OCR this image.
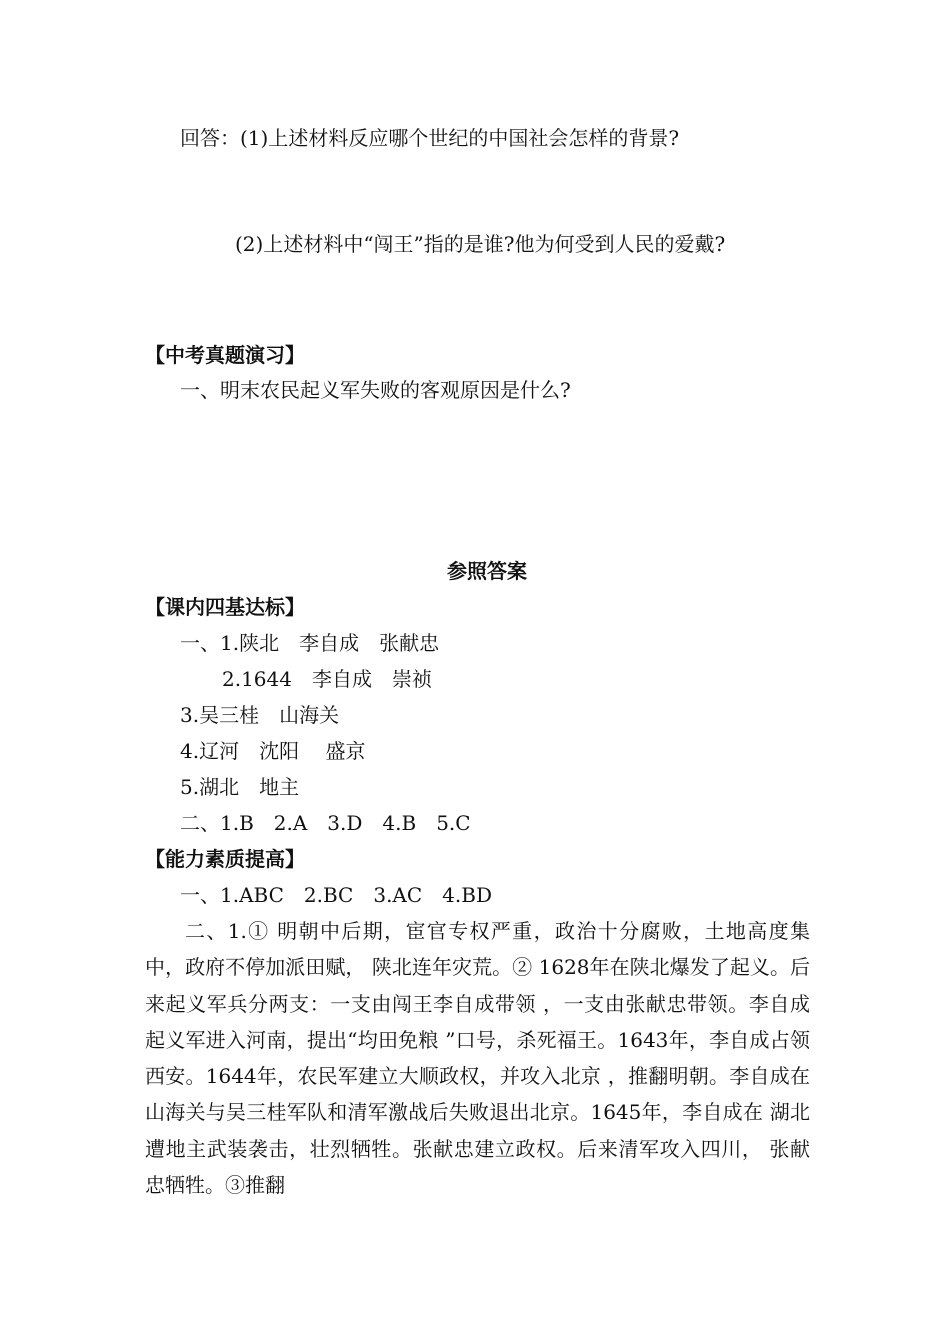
回答：(1)上述材料反应哪个世纪的中国社会怎样的背景?
(2)上述材料中“闯王”指的是谁?他为何受到人民的爱戴?
【中考真题演习】
一、明末农民起义军失败的客观原因是什么?
参照答案
【课内四基达标】
一、1.陕北　李自成　张献忠
2.1644　李自成　崇祯
3.吴三桂　山海关
4.辽河　沈阳　 盛京
5.湖北　地主
二、1.B　2.A　3.D　4.B　5.C
【能力素质提高】
一、1.ABC　2.BC　3.AC　4.BD
二、1.① 明朝中后期，宦官专权严重，政治十分腐败，土地高度集中，政府不停加派田赋， 陕北连年灾荒。② 1628年在陕北爆发了起义。后来起义军兵分两支：一支由闯王李自成带领 ，一支由张献忠带领。李自成起义军进入河南，提出“均田免粮 ”口号，杀死福王。1643年，李自成占领西安。1644年，农民军建立大顺政权，并攻入北京 ，推翻明朝。李自成在山海关与吴三桂军队和清军激战后失败退出北京。1645年，李自成在 湖北遭地主武装袭击，壮烈牺牲。张献忠建立政权。后来清军攻入四川， 张献忠牺牲。③推翻
